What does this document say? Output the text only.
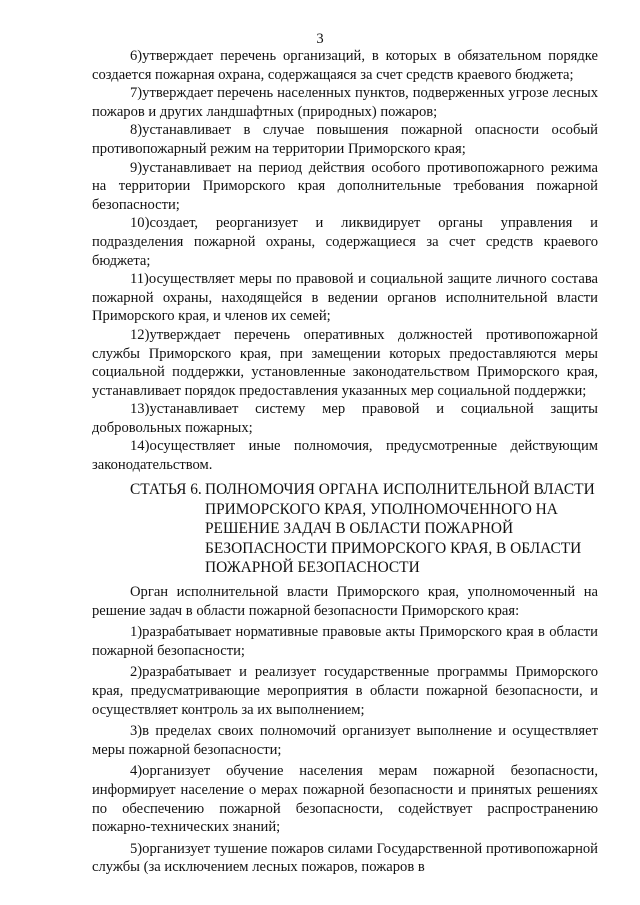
3

6)утверждает перечень организаций, в которых в обязательном порядке создается пожарная охрана, содержащаяся за счет средств краевого бюджета;

7)утверждает перечень населенных пунктов, подверженных угрозе лесных пожаров и других ландшафтных (природных) пожаров;

8)устанавливает в случае повышения пожарной опасности особый противопожарный режим на территории Приморского края;

9)устанавливает на период действия особого противопожарного режима на территории Приморского края дополнительные требования пожарной безопасности;

10)создает, реорганизует и ликвидирует органы управления и подразделения пожарной охраны, содержащиеся за счет средств краевого бюджета;

11)осуществляет меры по правовой и социальной защите личного состава пожарной охраны, находящейся в ведении органов исполнительной власти Приморского края, и членов их семей;

12)утверждает перечень оперативных должностей противопожарной службы Приморского края, при замещении которых предоставляются меры социальной поддержки, установленные законодательством Приморского края, устанавливает порядок предоставления указанных мер социальной поддержки;

13)устанавливает систему мер правовой и социальной защиты добровольных пожарных;

14)осуществляет иные полномочия, предусмотренные действующим законодательством.

СТАТЬЯ 6. ПОЛНОМОЧИЯ ОРГАНА ИСПОЛНИТЕЛЬНОЙ ВЛАСТИ ПРИМОРСКОГО КРАЯ, УПОЛНОМОЧЕННОГО НА РЕШЕНИЕ ЗАДАЧ В ОБЛАСТИ ПОЖАРНОЙ БЕЗОПАСНОСТИ ПРИМОРСКОГО КРАЯ, В ОБЛАСТИ ПОЖАРНОЙ БЕЗОПАСНОСТИ

Орган исполнительной власти Приморского края, уполномоченный на решение задач в области пожарной безопасности Приморского края:

1)разрабатывает нормативные правовые акты Приморского края в области пожарной безопасности;

2)разрабатывает и реализует государственные программы Приморского края, предусматривающие мероприятия в области пожарной безопасности, и осуществляет контроль за их выполнением;

3)в пределах своих полномочий организует выполнение и осуществляет меры пожарной безопасности;

4)организует обучение населения мерам пожарной безопасности, информирует население о мерах пожарной безопасности и принятых решениях по обеспечению пожарной безопасности, содействует распространению пожарно-технических знаний;

5)организует тушение пожаров силами Государственной противопожарной службы (за исключением лесных пожаров, пожаров в
